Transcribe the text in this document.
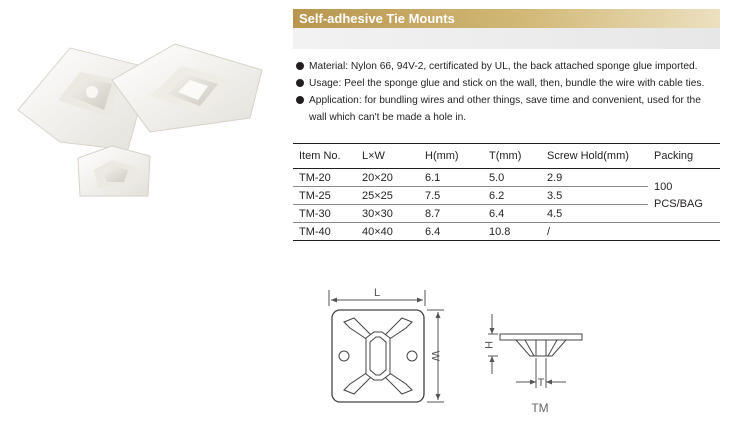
Self-adhesive Tie Mounts
Material: Nylon 66, 94V-2, certificated by UL, the back attached sponge glue imported.
Usage: Peel the sponge glue and stick on the wall, then, bundle the wire with cable ties.
Application: for bundling wires and other things, save time and convenient, used for the wall which can't be made a hole in.
Item No.	L×W	H(mm)	T(mm)	Screw Hold(mm)	Packing
TM-20	20×20	6.1	5.0	2.9	100
PCS/BAG

TM-25	25×25	7.5	6.2	3.5	
TM-30	30×30	8.7	6.4	4.5	
TM-40	40×40	6.4	10.8	/	
L
W
H
T
TM
